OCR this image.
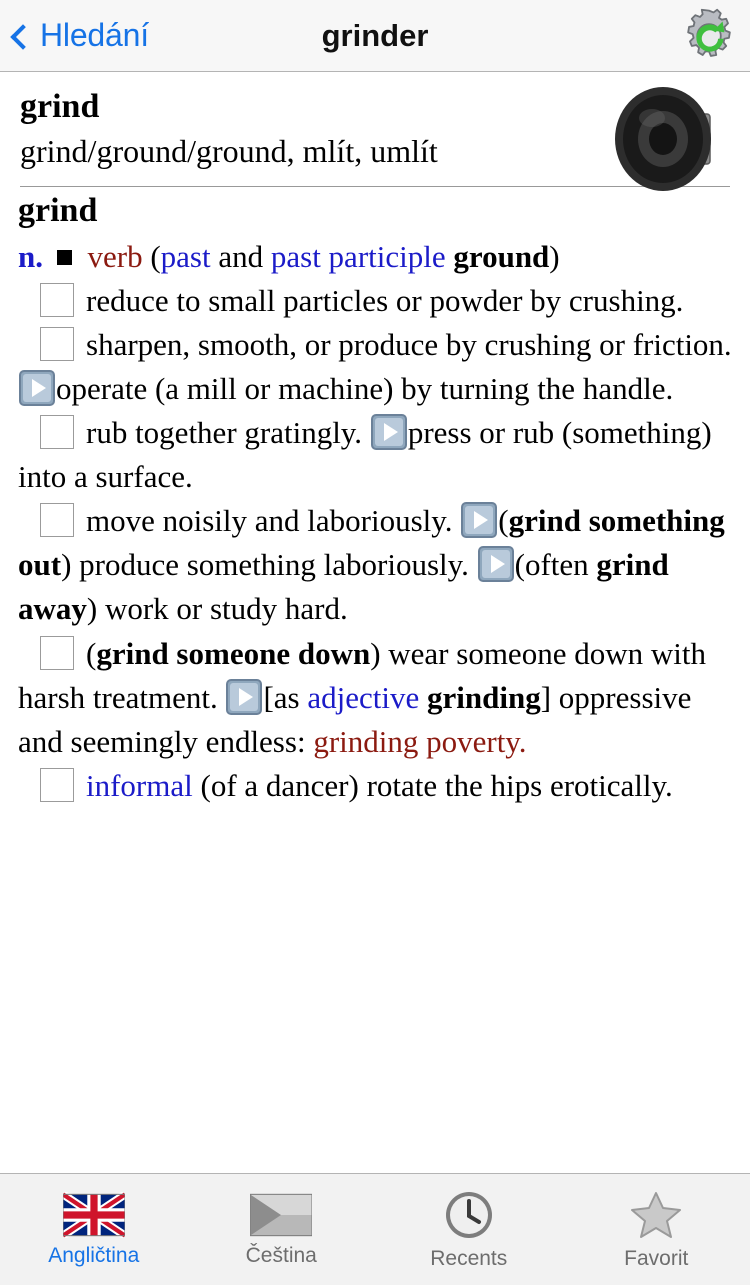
Hledání	grinder
grind
grind/ground/ground, mlít, umlít

grind

n. verb (past and past participle ground)

reduce to small particles or powder by crushing.

sharpen, smooth, or produce by crushing or friction. operate (a mill or machine) by turning the handle.

rub together gratingly. press or rub (something) into a surface.

move noisily and laboriously. (grind something out) produce something laboriously. (often grind away) work or study hard.

(grind someone down) wear someone down with harsh treatment. [as adjective grinding] oppressive and seemingly endless: grinding poverty.

informal (of a dancer) rotate the hips erotically.

Angličtina	Čeština	Recents	Favorit
